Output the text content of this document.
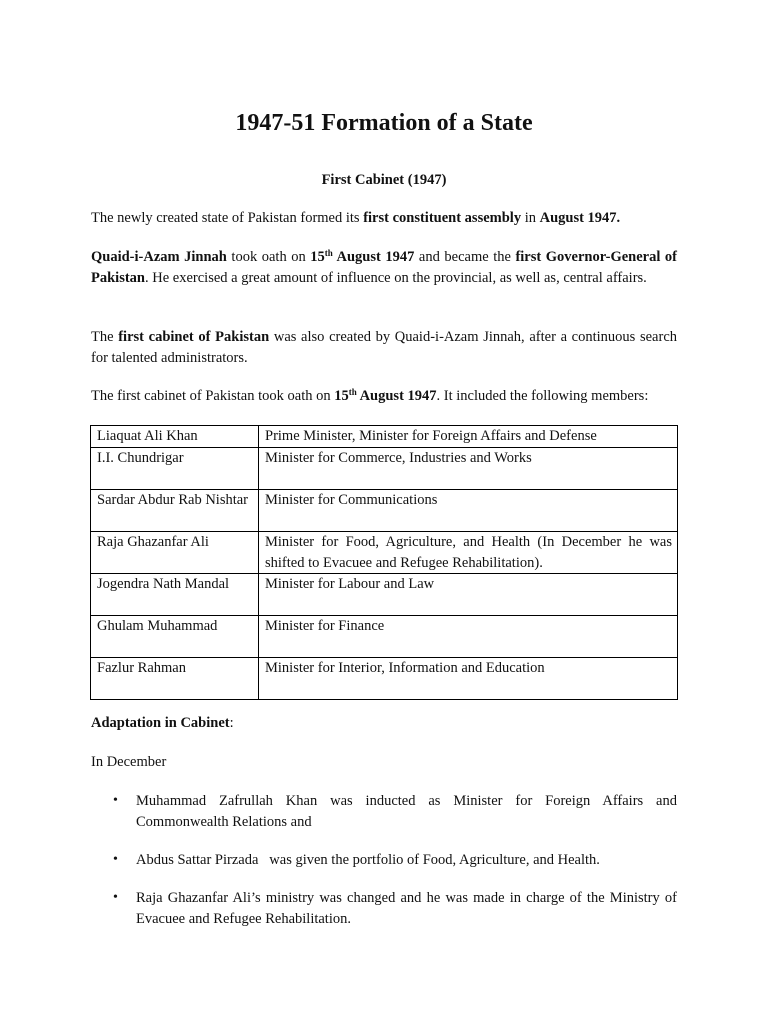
1947-51 Formation of a State

First Cabinet (1947)

The newly created state of Pakistan formed its first constituent assembly in August 1947.

Quaid-i-Azam Jinnah took oath on 15th August 1947 and became the first Governor-General of Pakistan. He exercised a great amount of influence on the provincial, as well as, central affairs.

The first cabinet of Pakistan was also created by Quaid-i-Azam Jinnah, after a continuous search for talented administrators.

The first cabinet of Pakistan took oath on 15th August 1947. It included the following members:

Liaquat Ali Khan	Prime Minister, Minister for Foreign Affairs and Defense
I.I. Chundrigar	Minister for Commerce, Industries and Works
Sardar Abdur Rab Nishtar	Minister for Communications
Raja Ghazanfar Ali	Minister for Food, Agriculture, and Health (In December he was shifted to Evacuee and Refugee Rehabilitation).
Jogendra Nath Mandal	Minister for Labour and Law
Ghulam Muhammad	Minister for Finance
Fazlur Rahman	Minister for Interior, Information and Education

Adaptation in Cabinet:

In December

• Muhammad Zafrullah Khan was inducted as Minister for Foreign Affairs and Commonwealth Relations and

• Abdus Sattar Pirzada   was given the portfolio of Food, Agriculture, and Health.

• Raja Ghazanfar Ali’s ministry was changed and he was made in charge of the Ministry of Evacuee and Refugee Rehabilitation.
